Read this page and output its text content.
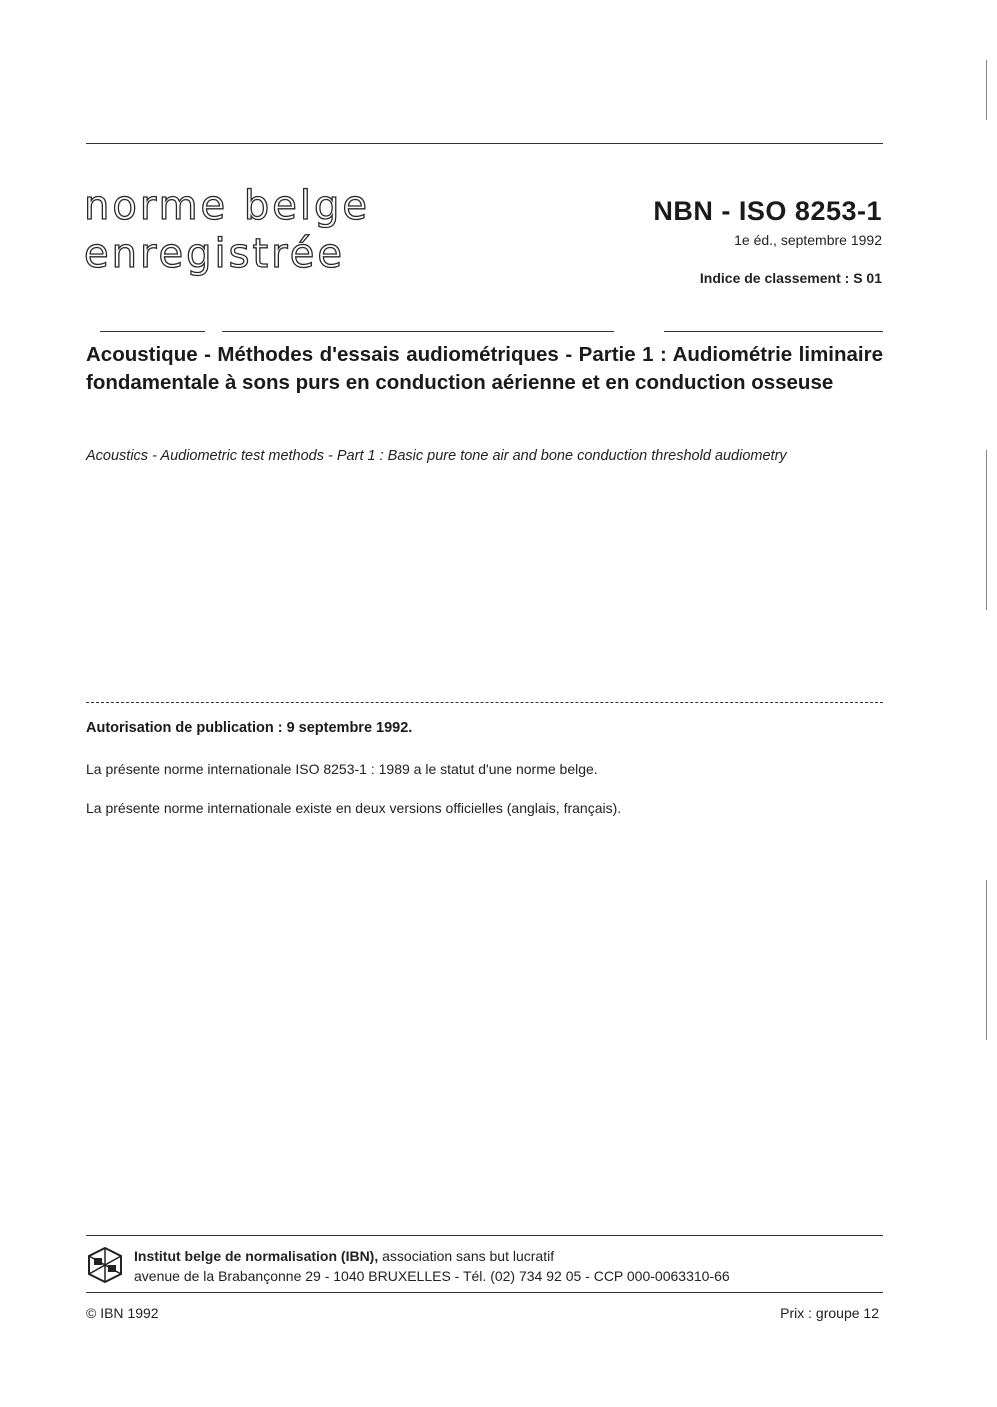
norme belge
enregistrée
NBN - ISO 8253-1
1e éd., septembre 1992
Indice de classement : S 01
Acoustique - Méthodes d'essais audiométriques - Partie 1 : Audiométrie liminaire fondamentale à sons purs en conduction aérienne et en conduction osseuse
Acoustics - Audiometric test methods - Part 1 : Basic pure tone air and bone conduction threshold audiometry
Autorisation de publication : 9 septembre 1992.
La présente norme internationale ISO 8253-1 : 1989 a le statut d'une norme belge.
La présente norme internationale existe en deux versions officielles (anglais, français).
Institut belge de normalisation (IBN), association sans but lucratif
avenue de la Brabançonne 29 - 1040 BRUXELLES - Tél. (02) 734 92 05 - CCP 000-0063310-66
© IBN 1992	Prix : groupe 12
